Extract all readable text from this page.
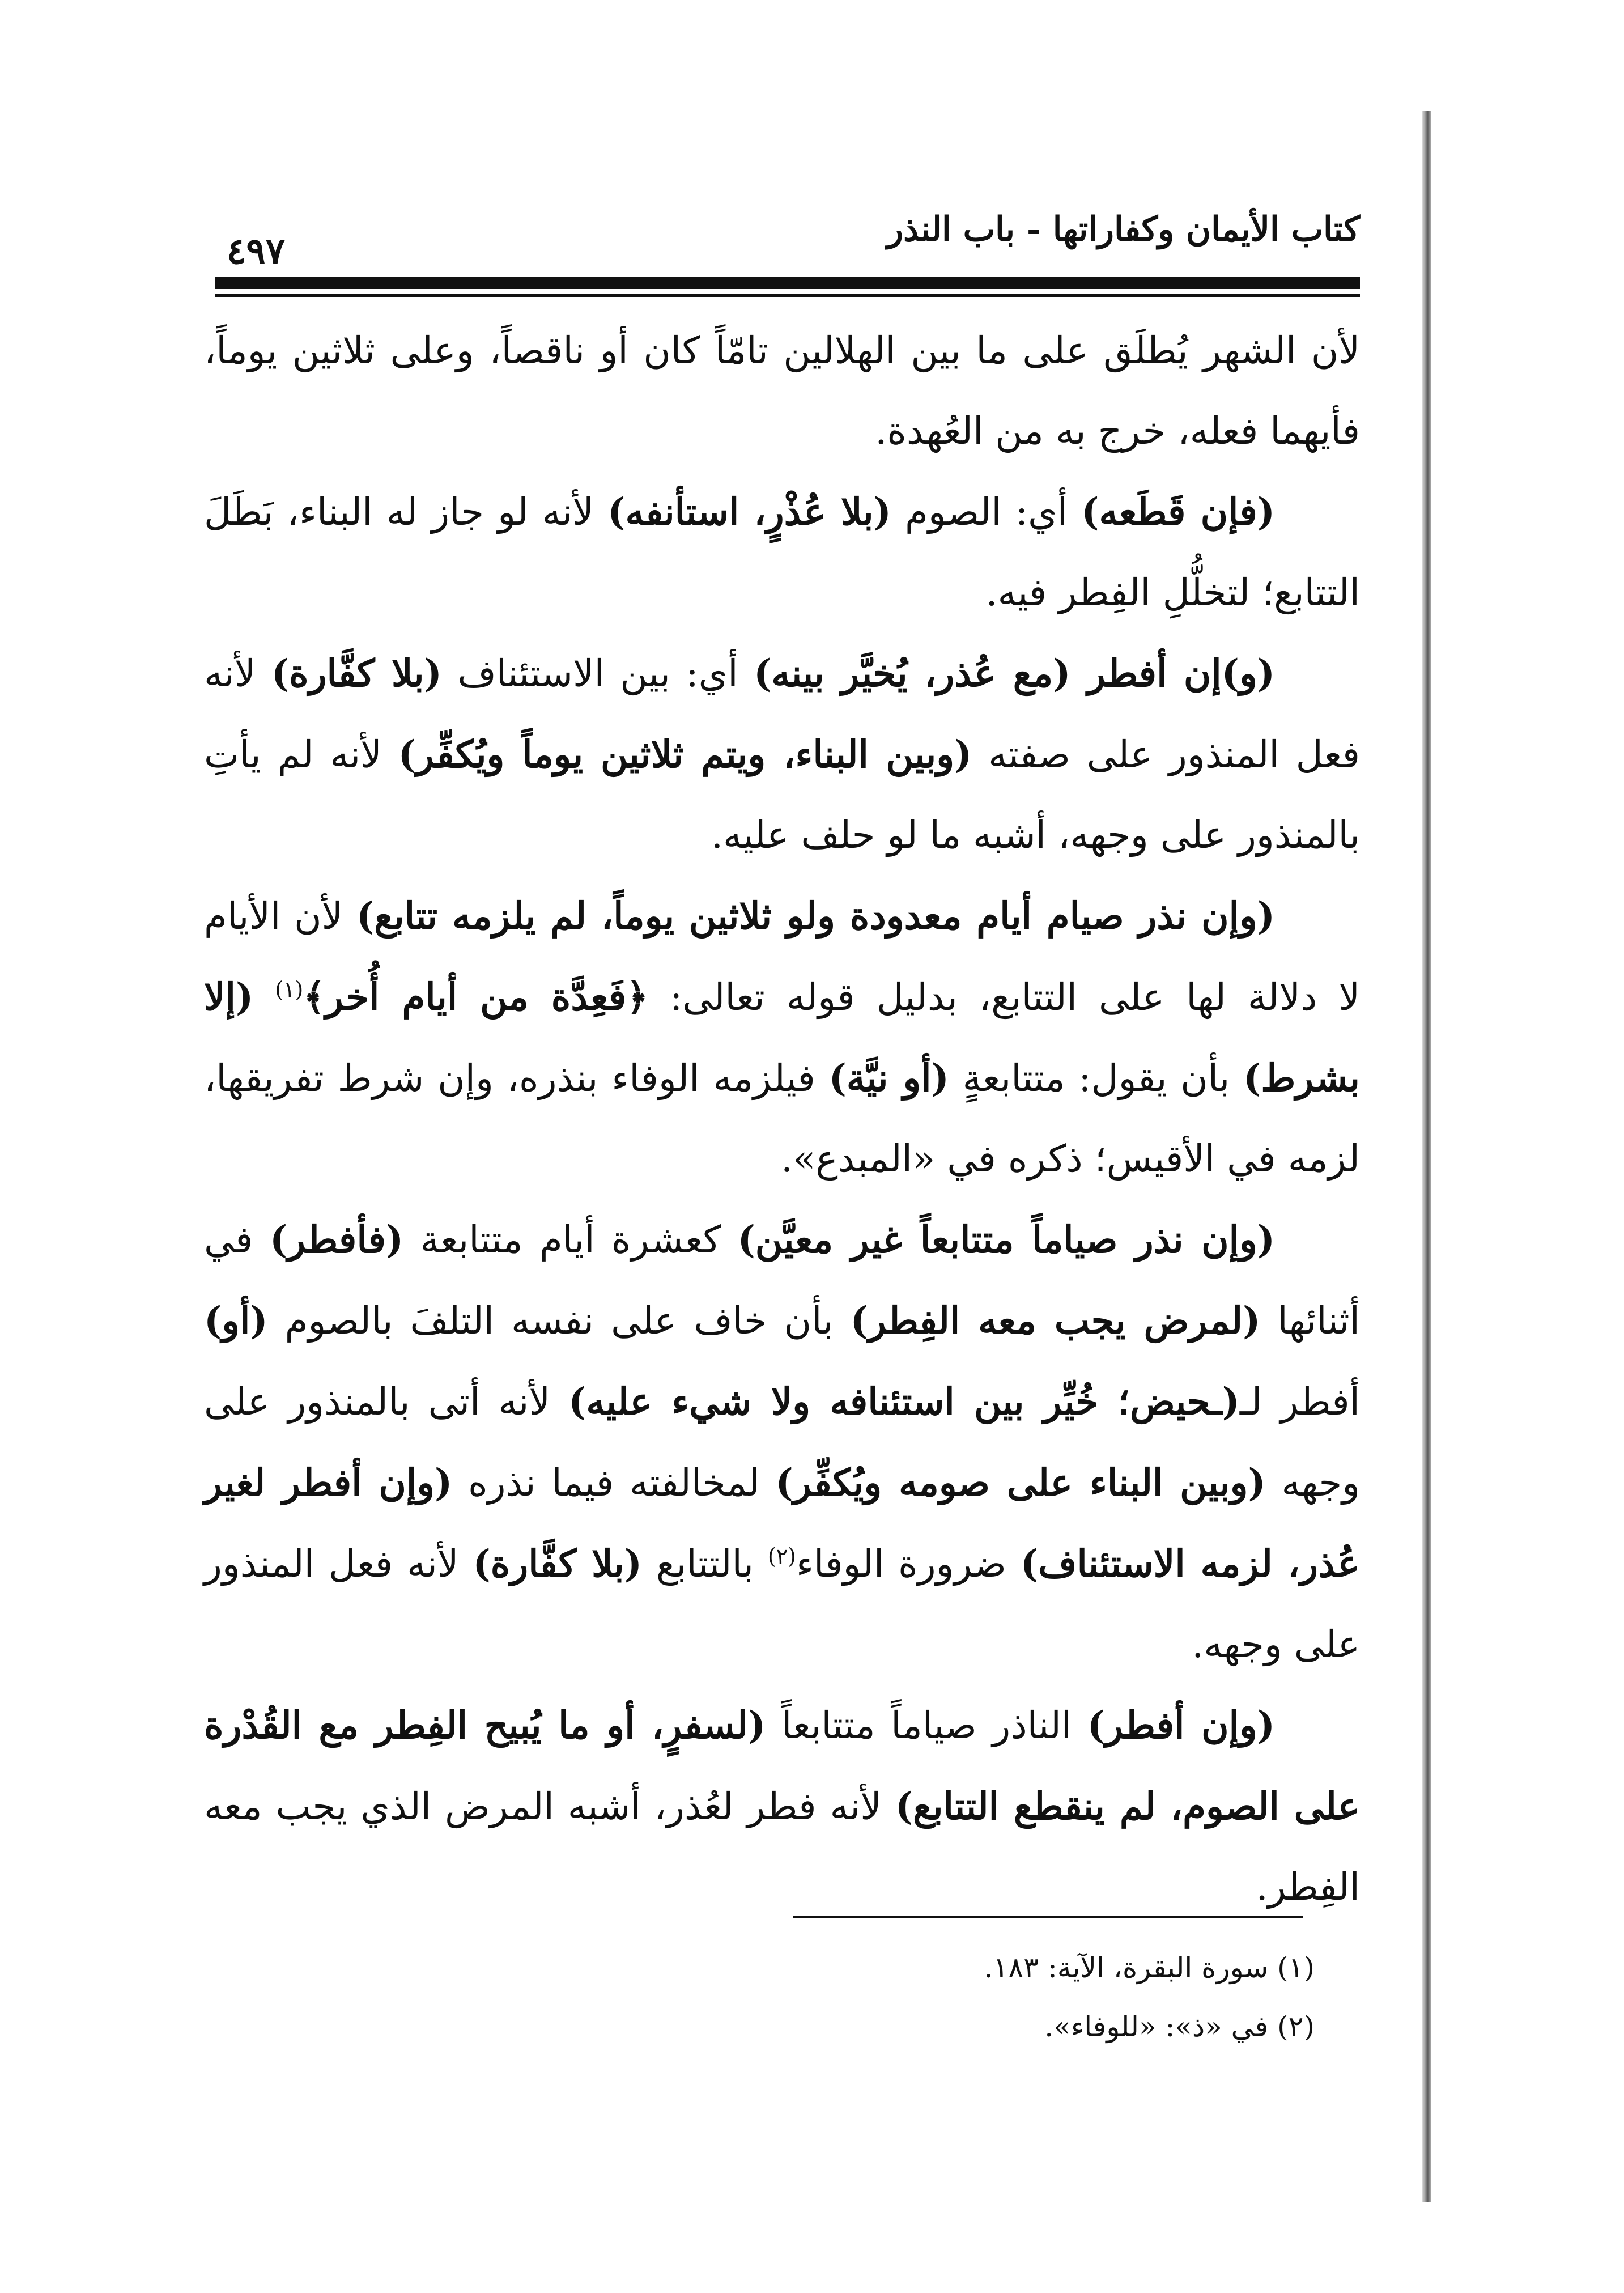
كتاب الأيمان وكفاراتها - باب النذر
٤٩٧

لأن الشهر يُطلَق على ما بين الهلالين تامّاً كان أو ناقصاً، وعلى ثلاثين يوماً، فأيهما فعله، خرج به من العُهدة.

(فإن قَطَعه) أي: الصوم (بلا عُذْرٍ، استأنفه) لأنه لو جاز له البناء، بَطَلَ التتابع؛ لتخلُّلِ الفِطر فيه.

(و)إن أفطر (مع عُذر، يُخيَّر بينه) أي: بين الاستئناف (بلا كفَّارة) لأنه فعل المنذور على صفته (وبين البناء، ويتم ثلاثين يوماً ويُكفِّر) لأنه لم يأتِ بالمنذور على وجهه، أشبه ما لو حلف عليه.

(وإن نذر صيام أيام معدودة ولو ثلاثين يوماً، لم يلزمه تتابع) لأن الأيام لا دلالة لها على التتابع، بدليل قوله تعالى: ﴿فَعِدَّة من أيام أُخر﴾$^{(١)}$ (إلا بشرط) بأن يقول: متتابعةٍ (أو نيَّة) فيلزمه الوفاء بنذره، وإن شرط تفريقها، لزمه في الأقيس؛ ذكره في «المبدع».

(وإن نذر صياماً متتابعاً غير معيَّن) كعشرة أيام متتابعة (فأفطر) في أثنائها (لمرض يجب معه الفِطر) بأن خاف على نفسه التلفَ بالصوم (أو) أفطر لـ(ـحيض؛ خُيِّر بين استئنافه ولا شيء عليه) لأنه أتى بالمنذور على وجهه (وبين البناء على صومه ويُكفِّر) لمخالفته فيما نذره (وإن أفطر لغير عُذر، لزمه الاستئناف) ضرورة الوفاء$^{(٢)}$ بالتتابع (بلا كفَّارة) لأنه فعل المنذور على وجهه.

(وإن أفطر) الناذر صياماً متتابعاً (لسفرٍ، أو ما يُبيح الفِطر مع القُدْرة على الصوم، لم ينقطع التتابع) لأنه فطر لعُذر، أشبه المرض الذي يجب معه الفِطر.

(١) سورة البقرة، الآية: ١٨٣.

(٢) في «ذ»: «للوفاء».
